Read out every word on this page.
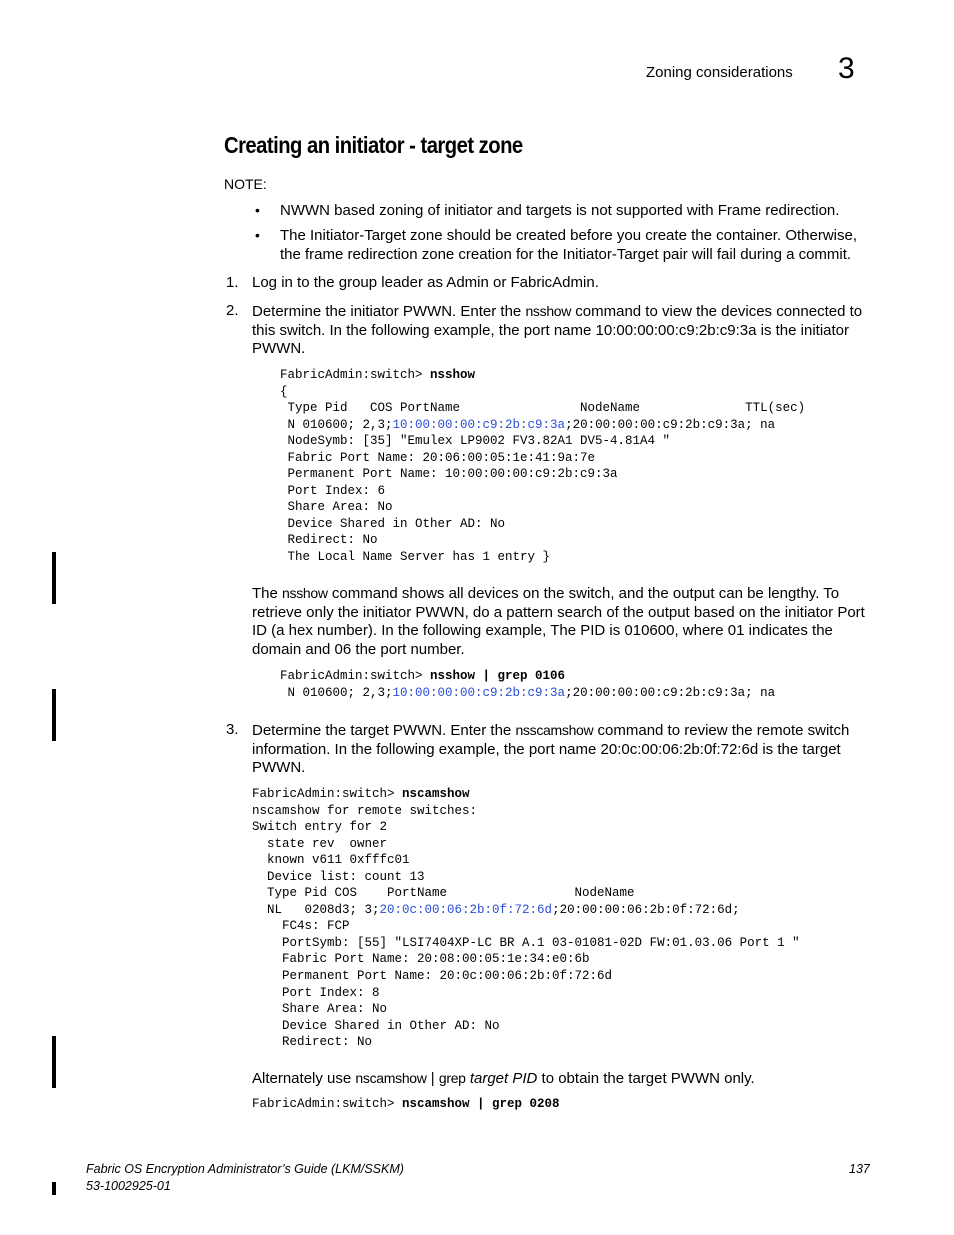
Zoning considerations 3
Creating an initiator - target zone
NOTE:
• NWWN based zoning of initiator and targets is not supported with Frame redirection.
• The Initiator-Target zone should be created before you create the container. Otherwise, the frame redirection zone creation for the Initiator-Target pair will fail during a commit.
1. Log in to the group leader as Admin or FabricAdmin.
2. Determine the initiator PWWN. Enter the nsshow command to view the devices connected to this switch. In the following example, the port name 10:00:00:00:c9:2b:c9:3a is the initiator PWWN.
FabricAdmin:switch> nsshow
{
Type Pid   COS PortName                NodeName              TTL(sec)
N 010600; 2,3;10:00:00:00:c9:2b:c9:3a;20:00:00:00:c9:2b:c9:3a; na
NodeSymb: [35] "Emulex LP9002 FV3.82A1 DV5-4.81A4 "
Fabric Port Name: 20:06:00:05:1e:41:9a:7e
Permanent Port Name: 10:00:00:00:c9:2b:c9:3a
Port Index: 6
Share Area: No
Device Shared in Other AD: No
Redirect: No
The Local Name Server has 1 entry }
The nsshow command shows all devices on the switch, and the output can be lengthy. To retrieve only the initiator PWWN, do a pattern search of the output based on the initiator Port ID (a hex number). In the following example, The PID is 010600, where 01 indicates the domain and 06 the port number.
FabricAdmin:switch> nsshow | grep 0106
N 010600; 2,3;10:00:00:00:c9:2b:c9:3a;20:00:00:00:c9:2b:c9:3a; na
3. Determine the target PWWN. Enter the nsscamshow command to review the remote switch information. In the following example, the port name 20:0c:00:06:2b:0f:72:6d is the target PWWN.
FabricAdmin:switch> nscamshow
nscamshow for remote switches:
Switch entry for 2
state rev  owner
known v611 0xfffc01
Device list: count 13
Type Pid COS    PortName                 NodeName
NL   0208d3; 3;20:0c:00:06:2b:0f:72:6d;20:00:00:06:2b:0f:72:6d;
FC4s: FCP
PortSymb: [55] "LSI7404XP-LC BR A.1 03-01081-02D FW:01.03.06 Port 1 "
Fabric Port Name: 20:08:00:05:1e:34:e0:6b
Permanent Port Name: 20:0c:00:06:2b:0f:72:6d
Port Index: 8
Share Area: No
Device Shared in Other AD: No
Redirect: No
Alternately use nscamshow | grep target PID to obtain the target PWWN only.
FabricAdmin:switch> nscamshow | grep 0208
Fabric OS Encryption Administrator’s Guide (LKM/SSKM)
53-1002925-01
137
